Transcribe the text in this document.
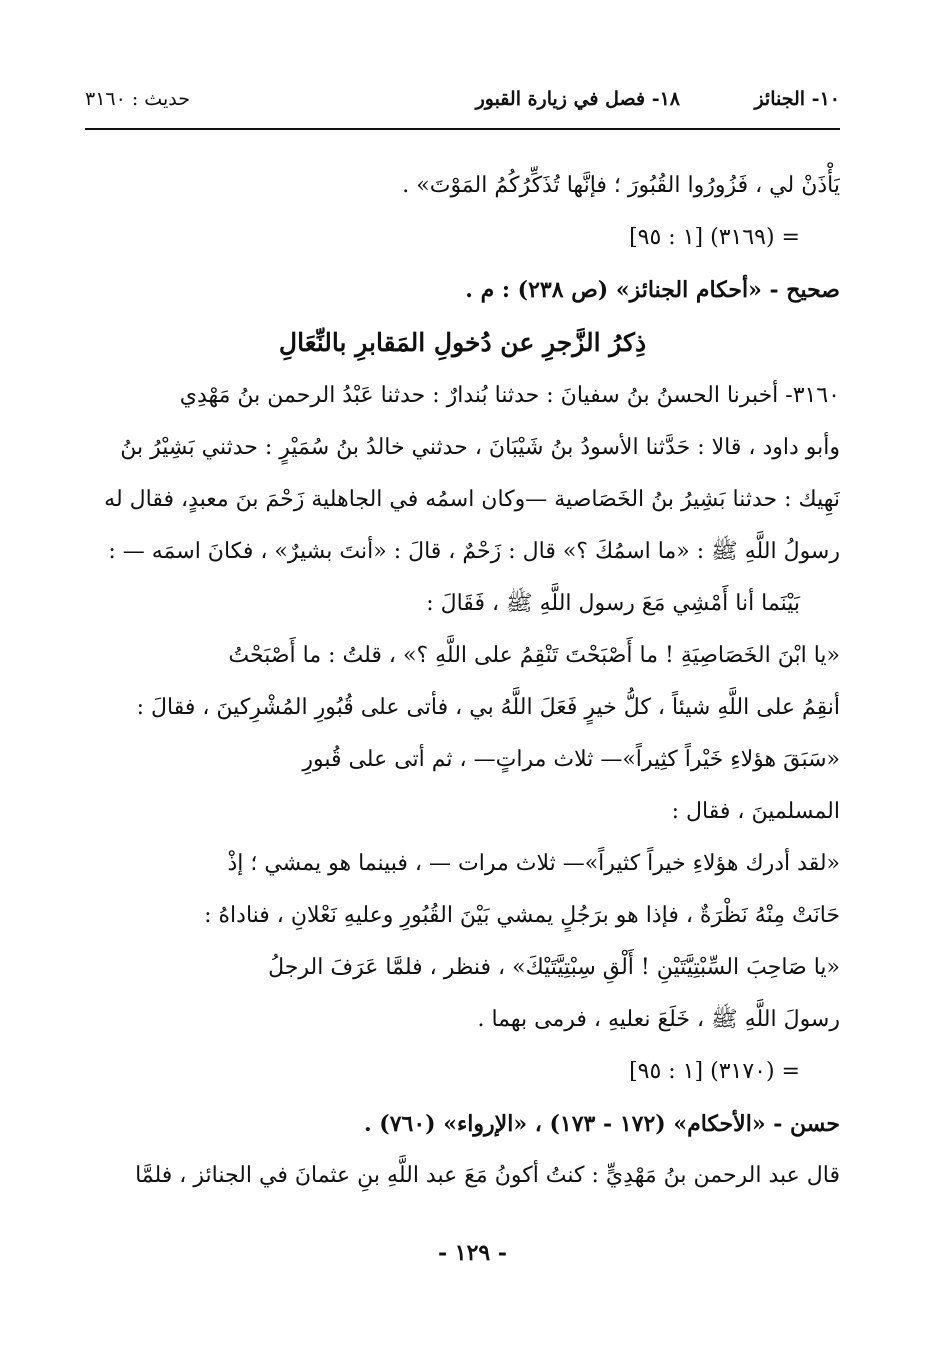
١٠- الجنائز
١٨- فصل في زيارة القبور
حديث : ٣١٦٠
يَأْذَنْ لي ، فَزُورُوا القُبُورَ ؛ فإنَّها تُذَكِّرُكُمُ المَوْتَ» .
= (٣١٦٩) [١ : ٩٥]
صحيح - «أحكام الجنائز» (ص ٢٣٨) : م .
ذِكرُ الزَّجرِ عن دُخولِ المَقابرِ بالنِّعَالِ
٣١٦٠- أخبرنا الحسنُ بنُ سفيانَ : حدثنا بُندارٌ : حدثنا عَبْدُ الرحمن بنُ مَهْدِي
وأبو داود ، قالا : حَدَّثنا الأسودُ بنُ شَيْبَانَ ، حدثني خالدُ بنُ سُمَيْرٍ : حدثني بَشِيْرُ بنُ
نَهِيك : حدثنا بَشِيرُ بنُ الخَصَاصية —وكان اسمُه في الجاهلية زَحْمَ بنَ معبدٍ، فقال له
رسولُ اللَّهِ ﷺ : «ما اسمُكَ ؟» قال : زَحْمٌ ، قالَ : «أنتَ بشيرٌ» ، فكانَ اسمَه — :
بَيْنَما أنا أَمْشِي مَعَ رسول اللَّهِ ﷺ ، فَقَالَ :
«يا ابْنَ الخَصَاصِيَةِ ! ما أَصْبَحْتَ تَنْقِمُ على اللَّهِ ؟» ، قلتُ : ما أَصْبَحْتُ
أنقِمُ على اللَّهِ شيئاً ، كلُّ خيرٍ فَعَلَ اللَّهُ بي ، فأتى على قُبُورِ المُشْرِكينَ ، فقالَ :
«سَبَقَ هؤلاءِ خَيْراً كثِيراً»— ثلاث مراتٍ— ، ثم أتى على قُبورِ
المسلمينَ ، فقال :
«لقد أدرك هؤلاءِ خيراً كثيراً»— ثلاث مرات — ، فبينما هو يمشي ؛ إذْ
حَانَتْ مِنْهُ نَظْرَةٌ ، فإذا هو برَجُلٍ يمشي بَيْنَ القُبُورِ وعليهِ نَعْلانِ ، فناداهُ :
«يا صَاحِبَ السِّبْتِيَّتَيْنِ ! أَلْقِ سِبْتِيَّتَيْكَ» ، فنظر ، فلمَّا عَرَفَ الرجلُ
رسولَ اللَّهِ ﷺ ، خَلَعَ نعليهِ ، فرمى بهما .
= (٣١٧٠) [١ : ٩٥]
حسن - «الأحكام» (١٧٢ - ١٧٣) ، «الإرواء» (٧٦٠) .
قال عبد الرحمن بنُ مَهْدِيٍّ : كنتُ أكونُ مَعَ عبد اللَّهِ بنِ عثمانَ في الجنائز ، فلمَّا
- ١٢٩ -
